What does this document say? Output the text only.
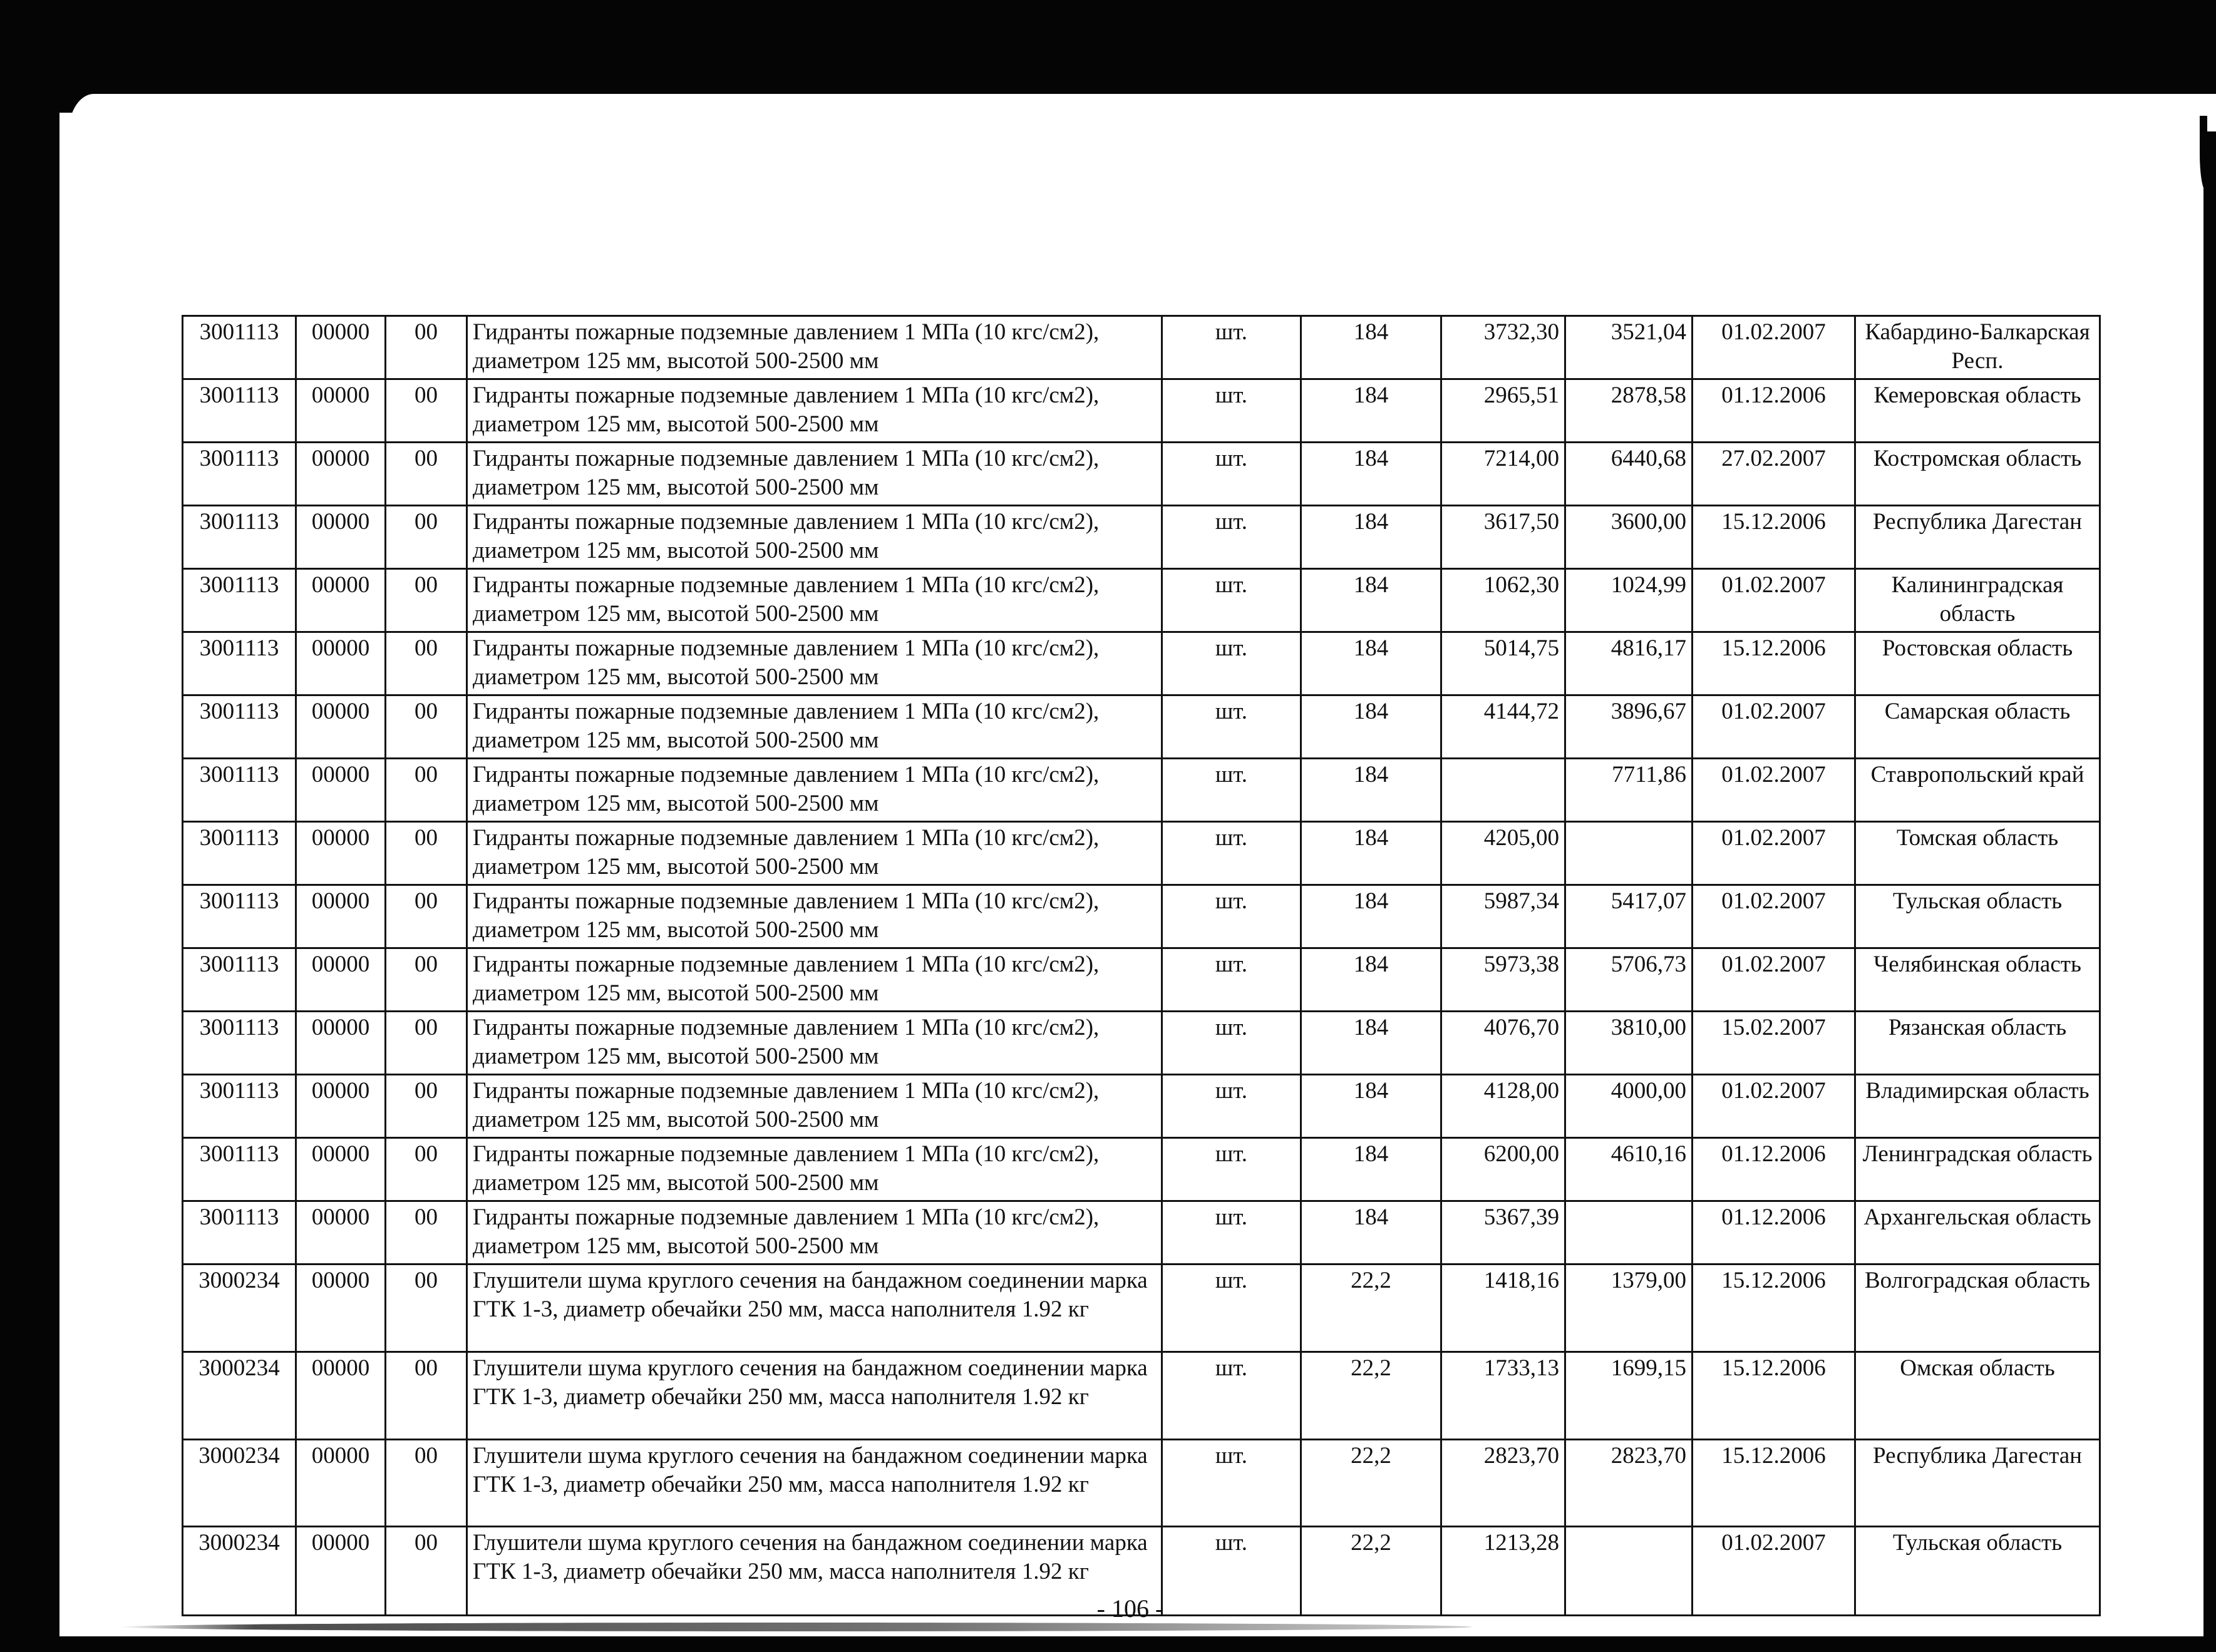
3001113	00000	00	Гидранты пожарные подземные давлением 1 МПа (10 кгс/см2), диаметром 125 мм, высотой 500-2500 мм	шт.	184	3732,30	3521,04	01.02.2007	Кабардино-Балкарская Респ.
3001113	00000	00	Гидранты пожарные подземные давлением 1 МПа (10 кгс/см2), диаметром 125 мм, высотой 500-2500 мм	шт.	184	2965,51	2878,58	01.12.2006	Кемеровская область
3001113	00000	00	Гидранты пожарные подземные давлением 1 МПа (10 кгс/см2), диаметром 125 мм, высотой 500-2500 мм	шт.	184	7214,00	6440,68	27.02.2007	Костромская область
3001113	00000	00	Гидранты пожарные подземные давлением 1 МПа (10 кгс/см2), диаметром 125 мм, высотой 500-2500 мм	шт.	184	3617,50	3600,00	15.12.2006	Республика Дагестан
3001113	00000	00	Гидранты пожарные подземные давлением 1 МПа (10 кгс/см2), диаметром 125 мм, высотой 500-2500 мм	шт.	184	1062,30	1024,99	01.02.2007	Калининградская область
3001113	00000	00	Гидранты пожарные подземные давлением 1 МПа (10 кгс/см2), диаметром 125 мм, высотой 500-2500 мм	шт.	184	5014,75	4816,17	15.12.2006	Ростовская область
3001113	00000	00	Гидранты пожарные подземные давлением 1 МПа (10 кгс/см2), диаметром 125 мм, высотой 500-2500 мм	шт.	184	4144,72	3896,67	01.02.2007	Самарская область
3001113	00000	00	Гидранты пожарные подземные давлением 1 МПа (10 кгс/см2), диаметром 125 мм, высотой 500-2500 мм	шт.	184		7711,86	01.02.2007	Ставропольский край
3001113	00000	00	Гидранты пожарные подземные давлением 1 МПа (10 кгс/см2), диаметром 125 мм, высотой 500-2500 мм	шт.	184	4205,00		01.02.2007	Томская область
3001113	00000	00	Гидранты пожарные подземные давлением 1 МПа (10 кгс/см2), диаметром 125 мм, высотой 500-2500 мм	шт.	184	5987,34	5417,07	01.02.2007	Тульская область
3001113	00000	00	Гидранты пожарные подземные давлением 1 МПа (10 кгс/см2), диаметром 125 мм, высотой 500-2500 мм	шт.	184	5973,38	5706,73	01.02.2007	Челябинская область
3001113	00000	00	Гидранты пожарные подземные давлением 1 МПа (10 кгс/см2), диаметром 125 мм, высотой 500-2500 мм	шт.	184	4076,70	3810,00	15.02.2007	Рязанская область
3001113	00000	00	Гидранты пожарные подземные давлением 1 МПа (10 кгс/см2), диаметром 125 мм, высотой 500-2500 мм	шт.	184	4128,00	4000,00	01.02.2007	Владимирская область
3001113	00000	00	Гидранты пожарные подземные давлением 1 МПа (10 кгс/см2), диаметром 125 мм, высотой 500-2500 мм	шт.	184	6200,00	4610,16	01.12.2006	Ленинградская область
3001113	00000	00	Гидранты пожарные подземные давлением 1 МПа (10 кгс/см2), диаметром 125 мм, высотой 500-2500 мм	шт.	184	5367,39		01.12.2006	Архангельская область
3000234	00000	00	Глушители шума круглого сечения на бандажном соединении марка ГТК 1-3, диаметр обечайки 250 мм, масса наполнителя 1.92 кг	шт.	22,2	1418,16	1379,00	15.12.2006	Волгоградская область
3000234	00000	00	Глушители шума круглого сечения на бандажном соединении марка ГТК 1-3, диаметр обечайки 250 мм, масса наполнителя 1.92 кг	шт.	22,2	1733,13	1699,15	15.12.2006	Омская область
3000234	00000	00	Глушители шума круглого сечения на бандажном соединении марка ГТК 1-3, диаметр обечайки 250 мм, масса наполнителя 1.92 кг	шт.	22,2	2823,70	2823,70	15.12.2006	Республика Дагестан
3000234	00000	00	Глушители шума круглого сечения на бандажном соединении марка ГТК 1-3, диаметр обечайки 250 мм, масса наполнителя 1.92 кг	шт.	22,2	1213,28		01.02.2007	Тульская область
- 106 -
